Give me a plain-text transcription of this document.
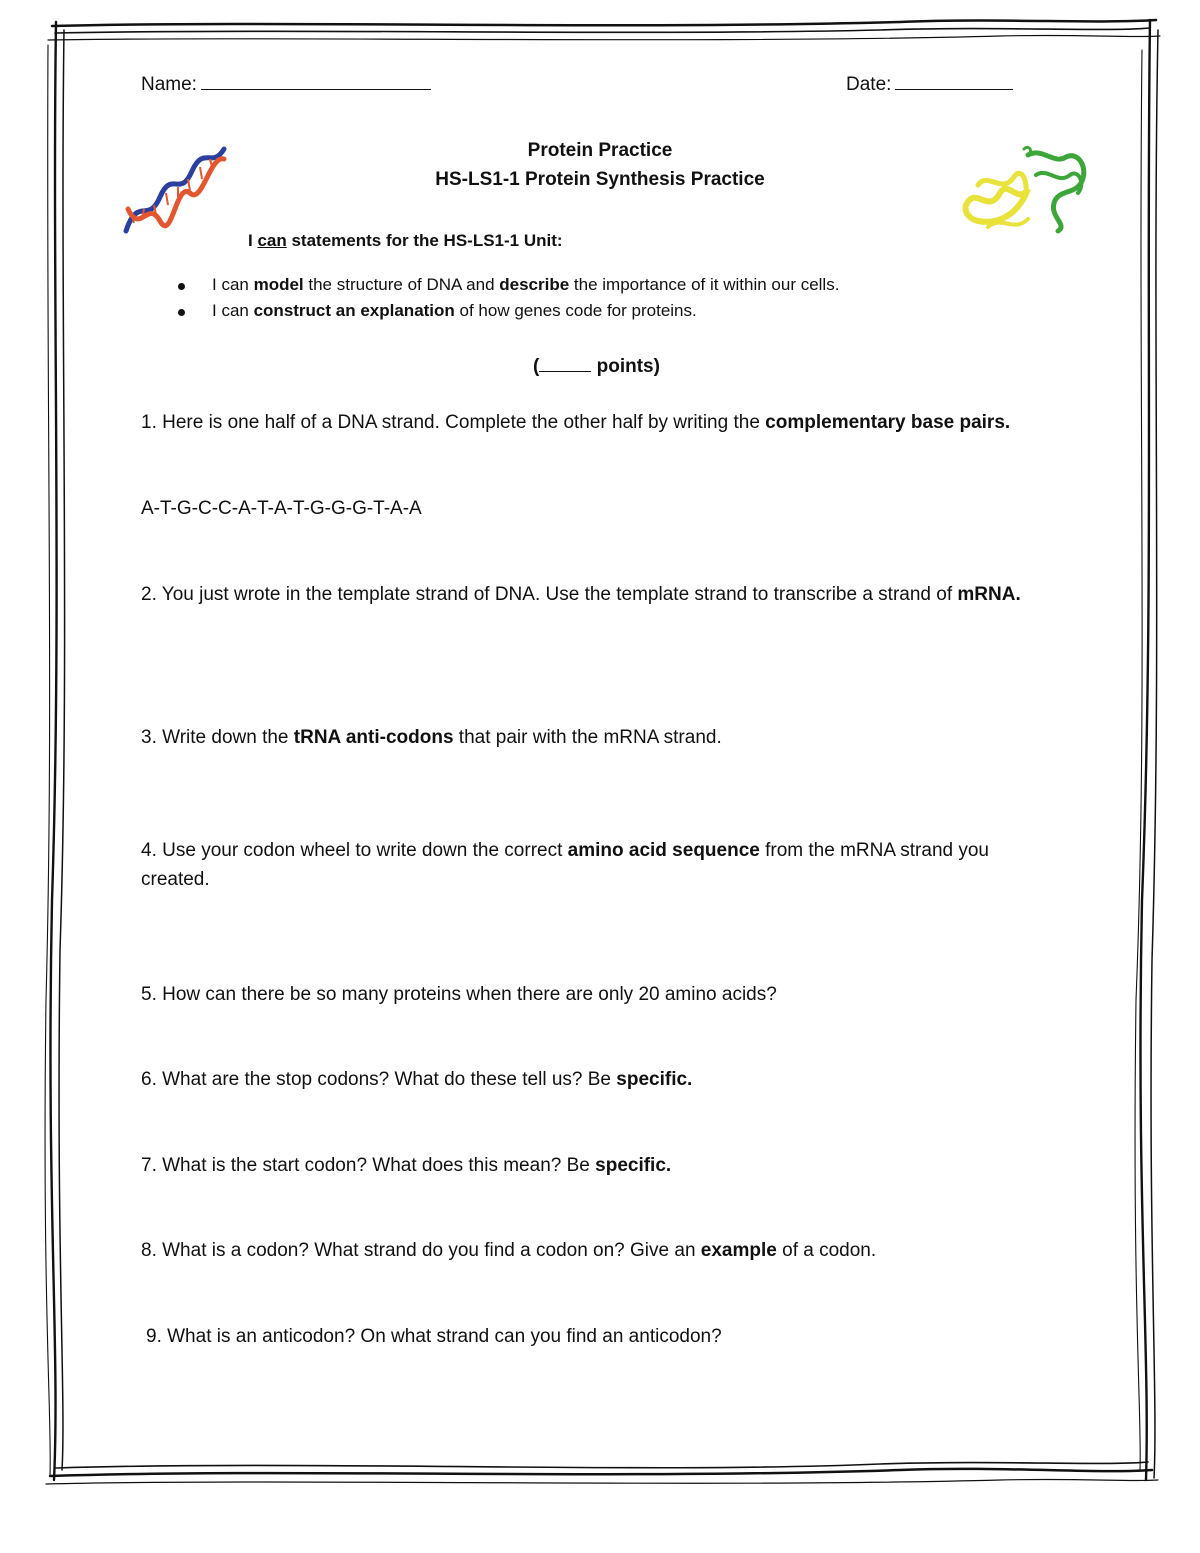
Name:	Date:
Protein Practice
HS-LS1-1 Protein Synthesis Practice
I can statements for the HS-LS1-1 Unit:
I can model the structure of DNA and describe the importance of it within our cells.
I can construct an explanation of how genes code for proteins.
(	points)
1. Here is one half of a DNA strand. Complete the other half by writing the complementary base pairs.
A-T-G-C-C-A-T-A-T-G-G-G-T-A-A
2. You just wrote in the template strand of DNA. Use the template strand to transcribe a strand of mRNA.
3. Write down the tRNA anti-codons that pair with the mRNA strand.
4. Use your codon wheel to write down the correct amino acid sequence from the mRNA strand you created.
5. How can there be so many proteins when there are only 20 amino acids?
6. What are the stop codons? What do these tell us? Be specific.
7. What is the start codon? What does this mean? Be specific.
8. What is a codon? What strand do you find a codon on? Give an example of a codon.
9. What is an anticodon? On what strand can you find an anticodon?
